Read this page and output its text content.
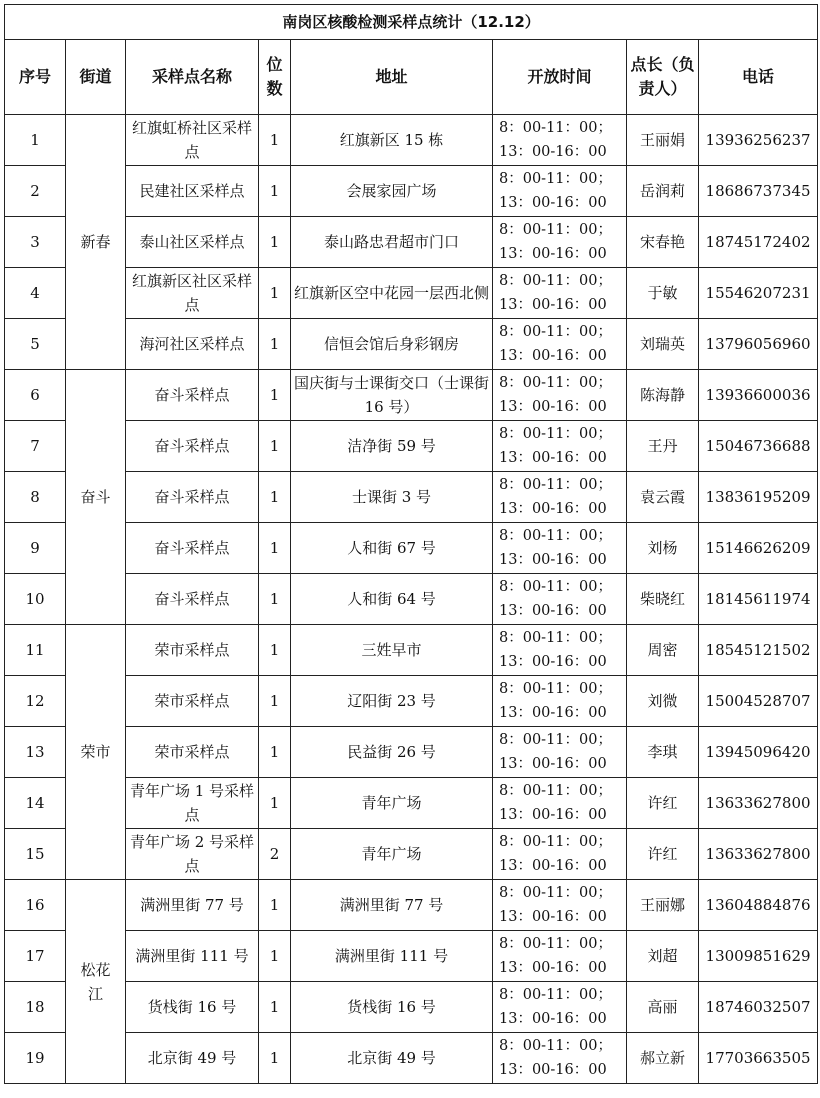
南岗区核酸检测采样点统计（12.12）							
序号	街道	采样点名称	位数	地址	开放时间	点长（负责人）	电话
1	新春	红旗虹桥社区采样点	1	红旗新区 15 栋	8：00-11：00；
13：00-16：00	王丽娟	13936256237
2		民建社区采样点	1	会展家园广场	8：00-11：00；
13：00-16：00	岳润莉	18686737345
3		泰山社区采样点	1	泰山路忠君超市门口	8：00-11：00；
13：00-16：00	宋春艳	18745172402
4		红旗新区社区采样点	1	红旗新区空中花园一层西北侧	8：00-11：00；
13：00-16：00	于敏	15546207231
5		海河社区采样点	1	信恒会馆后身彩钢房	8：00-11：00；
13：00-16：00	刘瑞英	13796056960
6	奋斗	奋斗采样点	1	国庆街与士课街交口（士课街 16 号）	8：00-11：00；
13：00-16：00	陈海静	13936600036
7		奋斗采样点	1	洁净街 59 号	8：00-11：00；
13：00-16：00	王丹	15046736688
8		奋斗采样点	1	士课街 3 号	8：00-11：00；
13：00-16：00	袁云霞	13836195209
9		奋斗采样点	1	人和街 67 号	8：00-11：00；
13：00-16：00	刘杨	15146626209
10		奋斗采样点	1	人和街 64 号	8：00-11：00；
13：00-16：00	柴晓红	18145611974
11	荣市	荣市采样点	1	三姓早市	8：00-11：00；
13：00-16：00	周密	18545121502
12		荣市采样点	1	辽阳街 23 号	8：00-11：00；
13：00-16：00	刘微	15004528707
13		荣市采样点	1	民益街 26 号	8：00-11：00；
13：00-16：00	李琪	13945096420
14		青年广场 1 号采样点	1	青年广场	8：00-11：00；
13：00-16：00	许红	13633627800
15		青年广场 2 号采样点	2	青年广场	8：00-11：00；
13：00-16：00	许红	13633627800
16	松花江	满洲里街 77 号	1	满洲里街 77 号	8：00-11：00；
13：00-16：00	王丽娜	13604884876
17		满洲里街 111 号	1	满洲里街 111 号	8：00-11：00；
13：00-16：00	刘超	13009851629
18		货栈街 16 号	1	货栈街 16 号	8：00-11：00；
13：00-16：00	高丽	18746032507
19		北京街 49 号	1	北京街 49 号	8：00-11：00；
13：00-16：00	郝立新	17703663505
